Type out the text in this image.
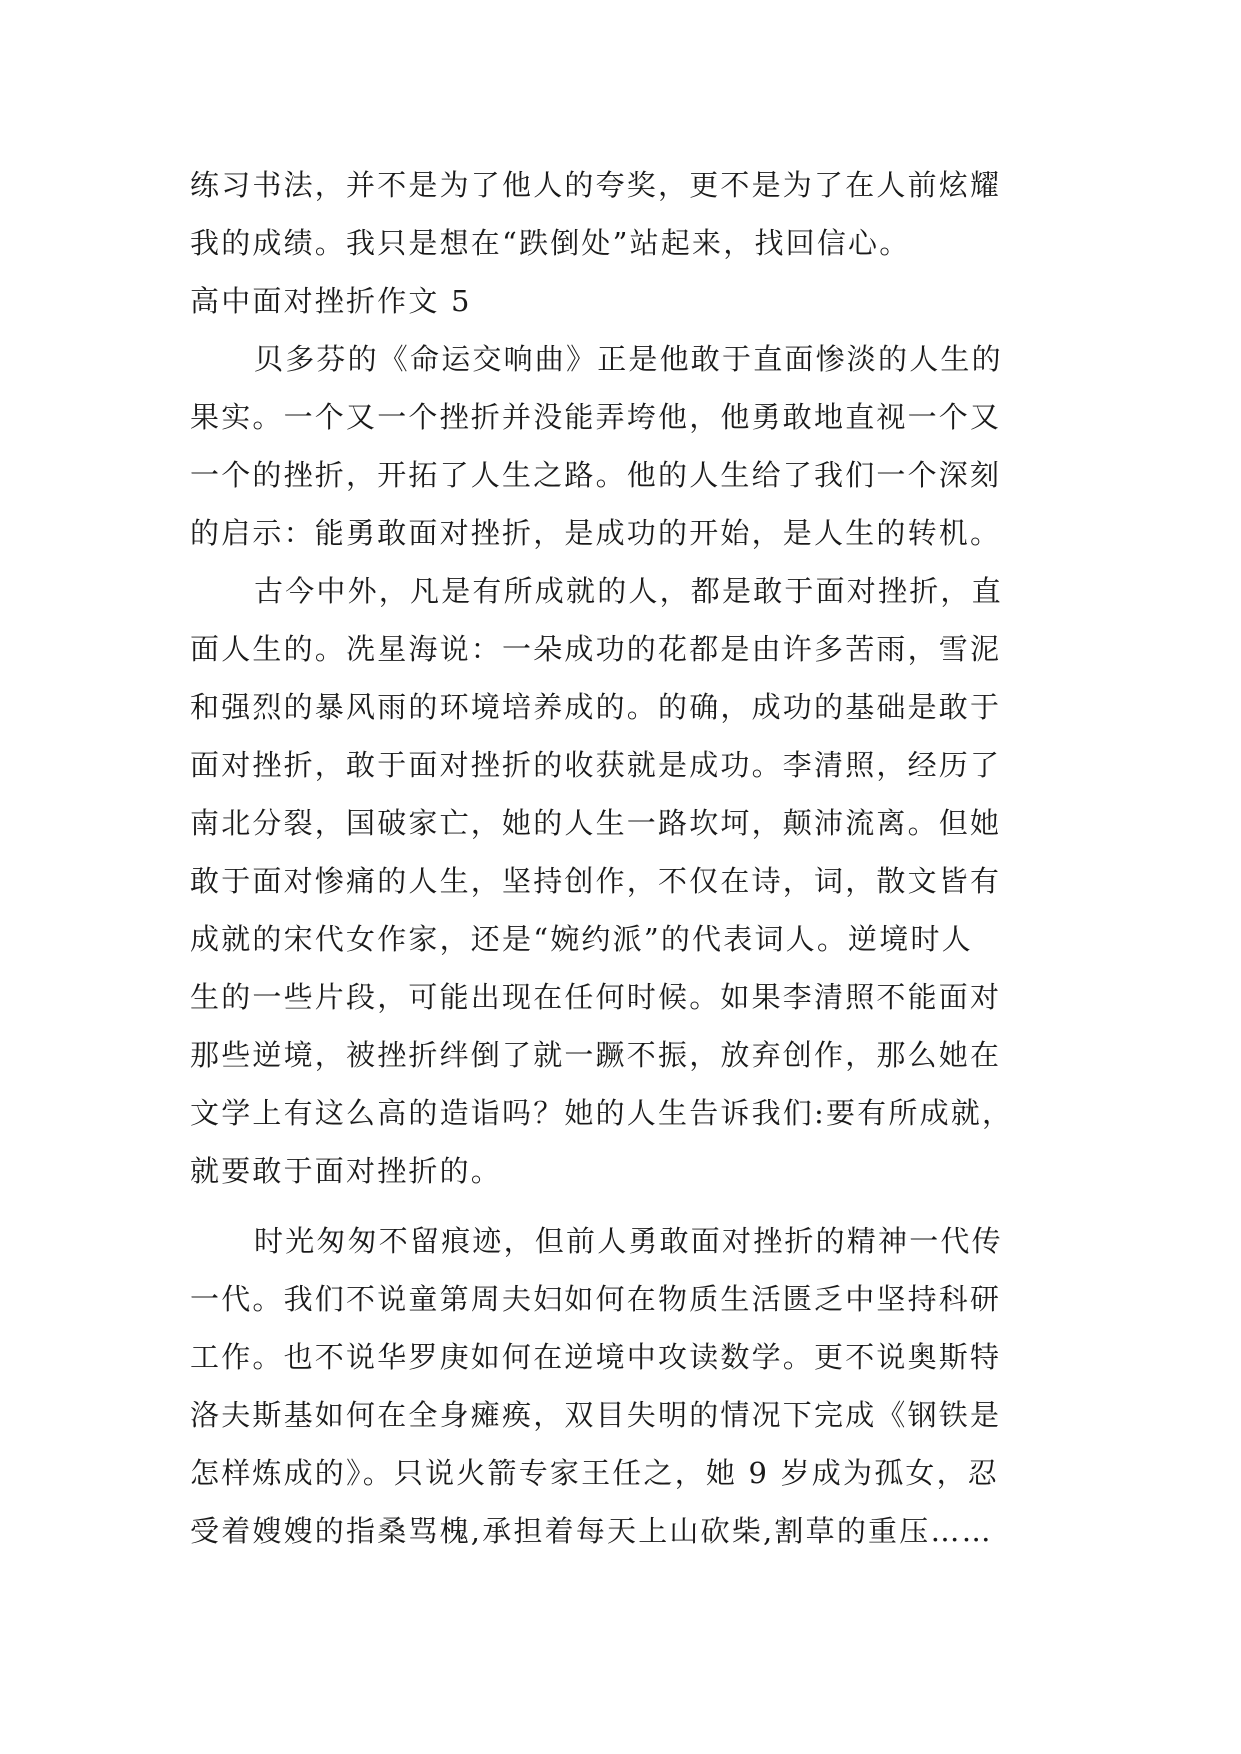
练习书法，并不是为了他人的夸奖，更不是为了在人前炫耀
我的成绩。我只是想在“跌倒处”站起来，找回信心。
高中面对挫折作文 5
贝多芬的《命运交响曲》正是他敢于直面惨淡的人生的
果实。一个又一个挫折并没能弄垮他，他勇敢地直视一个又
一个的挫折，开拓了人生之路。他的人生给了我们一个深刻
的启示：能勇敢面对挫折，是成功的开始，是人生的转机。
古今中外，凡是有所成就的人，都是敢于面对挫折，直
面人生的。冼星海说：一朵成功的花都是由许多苦雨，雪泥
和强烈的暴风雨的环境培养成的。的确，成功的基础是敢于
面对挫折，敢于面对挫折的收获就是成功。李清照，经历了
南北分裂，国破家亡，她的人生一路坎坷，颠沛流离。但她
敢于面对惨痛的人生，坚持创作，不仅在诗，词，散文皆有
成就的宋代女作家，还是“婉约派”的代表词人。逆境时人
生的一些片段，可能出现在任何时候。如果李清照不能面对
那些逆境，被挫折绊倒了就一蹶不振，放弃创作，那么她在
文学上有这么高的造诣吗？她的人生告诉我们:要有所成就，
就要敢于面对挫折的。
时光匆匆不留痕迹，但前人勇敢面对挫折的精神一代传
一代。我们不说童第周夫妇如何在物质生活匮乏中坚持科研
工作。也不说华罗庚如何在逆境中攻读数学。更不说奥斯特
洛夫斯基如何在全身瘫痪，双目失明的情况下完成《钢铁是
怎样炼成的》。只说火箭专家王任之，她 9 岁成为孤女，忍
受着嫂嫂的指桑骂槐,承担着每天上山砍柴,割草的重压……
